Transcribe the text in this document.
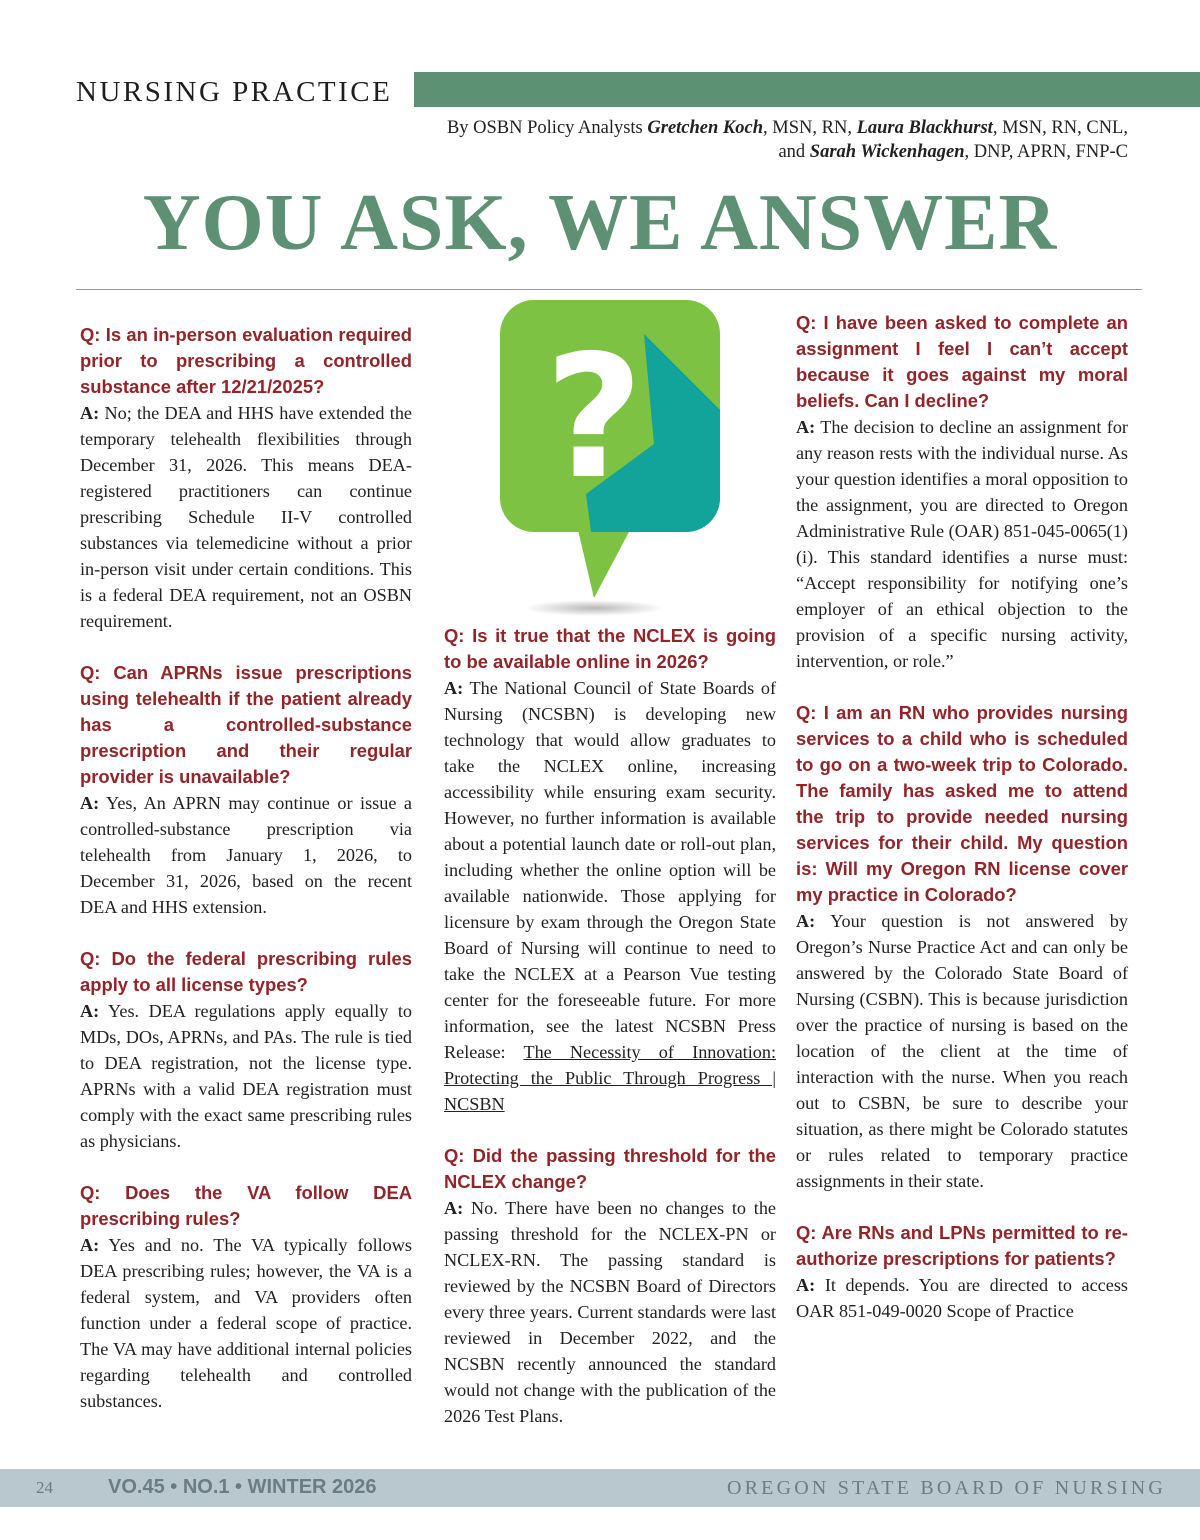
NURSING PRACTICE
By OSBN Policy Analysts Gretchen Koch, MSN, RN, Laura Blackhurst, MSN, RN, CNL,
and Sarah Wickenhagen, DNP, APRN, FNP-C
YOU ASK, WE ANSWER
Q: Is an in-person evaluation required prior to prescribing a controlled substance after 12/21/2025?
A: No; the DEA and HHS have extended the temporary telehealth flexibilities through December 31, 2026. This means DEA-registered practitioners can continue prescribing Schedule II-V controlled substances via telemedicine without a prior in-person visit under certain conditions. This is a federal DEA requirement, not an OSBN requirement.
Q: Can APRNs issue prescriptions using telehealth if the patient already has a controlled-substance prescription and their regular provider is unavailable?
A: Yes, An APRN may continue or issue a controlled-substance prescription via telehealth from January 1, 2026, to December 31, 2026, based on the recent DEA and HHS extension.
Q: Do the federal prescribing rules apply to all license types?
A: Yes. DEA regulations apply equally to MDs, DOs, APRNs, and PAs. The rule is tied to DEA registration, not the license type. APRNs with a valid DEA registration must comply with the exact same prescribing rules as physicians.
Q: Does the VA follow DEA prescribing rules?
A: Yes and no. The VA typically follows DEA prescribing rules; however, the VA is a federal system, and VA providers often function under a federal scope of practice. The VA may have additional internal policies regarding telehealth and controlled substances.
?
Q: Is it true that the NCLEX is going to be available online in 2026?
A: The National Council of State Boards of Nursing (NCSBN) is developing new technology that would allow graduates to take the NCLEX online, increasing accessibility while ensuring exam security. However, no further information is available about a potential launch date or roll-out plan, including whether the online option will be available nationwide. Those applying for licensure by exam through the Oregon State Board of Nursing will continue to need to take the NCLEX at a Pearson Vue testing center for the foreseeable future. For more information, see the latest NCSBN Press Release: The Necessity of Innovation: Protecting the Public Through Progress | NCSBN
Q: Did the passing threshold for the NCLEX change?
A: No. There have been no changes to the passing threshold for the NCLEX-PN or NCLEX-RN. The passing standard is reviewed by the NCSBN Board of Directors every three years. Current standards were last reviewed in December 2022, and the NCSBN recently announced the standard would not change with the publication of the 2026 Test Plans.
Q: I have been asked to complete an assignment I feel I can’t accept because it goes against my moral beliefs. Can I decline?
A: The decision to decline an assignment for any reason rests with the individual nurse. As your question identifies a moral opposition to the assignment, you are directed to Oregon Administrative Rule (OAR) 851-045-0065(1)(i). This standard identifies a nurse must: “Accept responsibility for notifying one’s employer of an ethical objection to the provision of a specific nursing activity, intervention, or role.”
Q: I am an RN who provides nursing services to a child who is scheduled to go on a two-week trip to Colorado. The family has asked me to attend the trip to provide needed nursing services for their child. My question is: Will my Oregon RN license cover my practice in Colorado?
A: Your question is not answered by Oregon’s Nurse Practice Act and can only be answered by the Colorado State Board of Nursing (CSBN). This is because jurisdiction over the practice of nursing is based on the location of the client at the time of interaction with the nurse. When you reach out to CSBN, be sure to describe your situation, as there might be Colorado statutes or rules related to temporary practice assignments in their state.
Q: Are RNs and LPNs permitted to re-authorize prescriptions for patients?
A: It depends. You are directed to access OAR 851-049-0020 Scope of Practice
24	VO.45 • NO.1 • WINTER 2026	OREGON STATE BOARD OF NURSING
